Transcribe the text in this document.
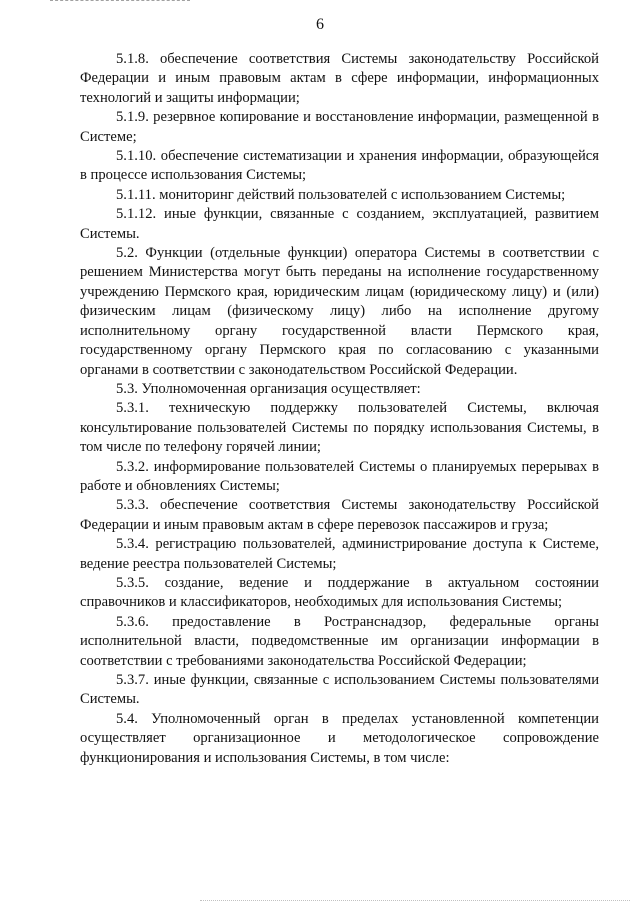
6

5.1.8. обеспечение соответствия Системы законодательству Российской Федерации и иным правовым актам в сфере информации, информационных технологий и защиты информации;

5.1.9. резервное копирование и восстановление информации, размещенной в Системе;

5.1.10. обеспечение систематизации и хранения информации, образующейся в процессе использования Системы;

5.1.11. мониторинг действий пользователей с использованием Системы;

5.1.12. иные функции, связанные с созданием, эксплуатацией, развитием Системы.

5.2. Функции (отдельные функции) оператора Системы в соответствии с решением Министерства могут быть переданы на исполнение государственному учреждению Пермского края, юридическим лицам (юридическому лицу) и (или) физическим лицам (физическому лицу) либо на исполнение другому исполнительному органу государственной власти Пермского края, государственному органу Пермского края по согласованию с указанными органами в соответствии с законодательством Российской Федерации.

5.3. Уполномоченная организация осуществляет:

5.3.1. техническую поддержку пользователей Системы, включая консультирование пользователей Системы по порядку использования Системы, в том числе по телефону горячей линии;

5.3.2. информирование пользователей Системы о планируемых перерывах в работе и обновлениях Системы;

5.3.3. обеспечение соответствия Системы законодательству Российской Федерации и иным правовым актам в сфере перевозок пассажиров и груза;

5.3.4. регистрацию пользователей, администрирование доступа к Системе, ведение реестра пользователей Системы;

5.3.5. создание, ведение и поддержание в актуальном состоянии справочников и классификаторов, необходимых для использования Системы;

5.3.6. предоставление в Ространснадзор, федеральные органы исполнительной власти, подведомственные им организации информации в соответствии с требованиями законодательства Российской Федерации;

5.3.7. иные функции, связанные с использованием Системы пользователями Системы.

5.4. Уполномоченный орган в пределах установленной компетенции осуществляет организационное и методологическое сопровождение функционирования и использования Системы, в том числе:
